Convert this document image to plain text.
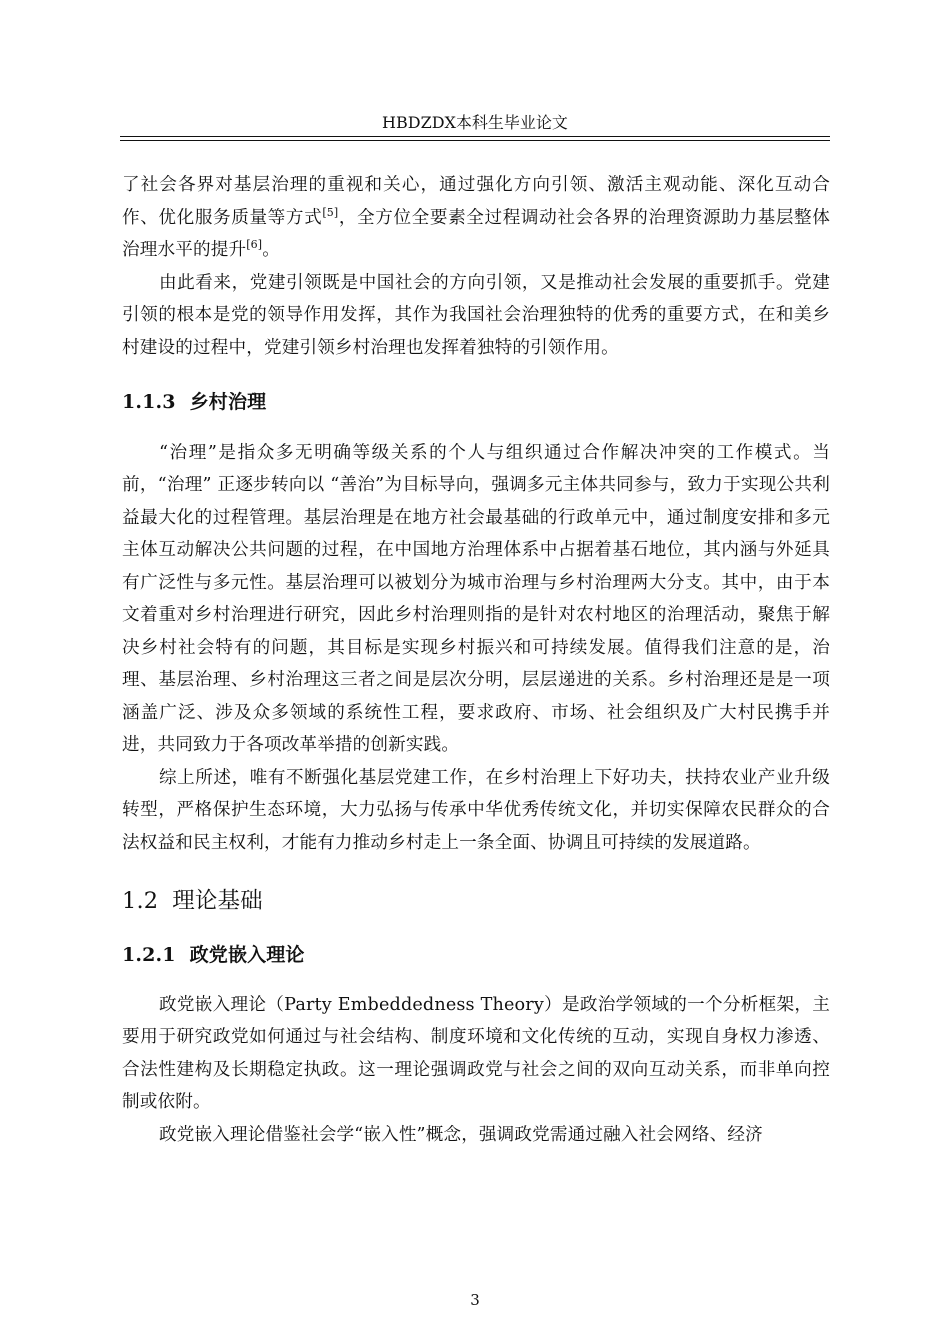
HBDZDX本科生毕业论文

了社会各界对基层治理的重视和关心，通过强化方向引领、激活主观动能、深化互动合作、优化服务质量等方式[5]，全方位全要素全过程调动社会各界的治理资源助力基层整体治理水平的提升[6]。

由此看来，党建引领既是中国社会的方向引领，又是推动社会发展的重要抓手。党建引领的根本是党的领导作用发挥，其作为我国社会治理独特的优秀的重要方式，在和美乡村建设的过程中，党建引领乡村治理也发挥着独特的引领作用。

1.1.3 乡村治理

“治理”是指众多无明确等级关系的个人与组织通过合作解决冲突的工作模式。当前，“治理” 正逐步转向以 “善治”为目标导向，强调多元主体共同参与，致力于实现公共利益最大化的过程管理。基层治理是在地方社会最基础的行政单元中，通过制度安排和多元主体互动解决公共问题的过程，在中国地方治理体系中占据着基石地位，其内涵与外延具有广泛性与多元性。基层治理可以被划分为城市治理与乡村治理两大分支。其中，由于本文着重对乡村治理进行研究，因此乡村治理则指的是针对农村地区的治理活动，聚焦于解决乡村社会特有的问题，其目标是实现乡村振兴和可持续发展。值得我们注意的是，治理、基层治理、乡村治理这三者之间是层次分明，层层递进的关系。乡村治理还是是一项涵盖广泛、涉及众多领域的系统性工程，要求政府、市场、社会组织及广大村民携手并进，共同致力于各项改革举措的创新实践。

综上所述，唯有不断强化基层党建工作，在乡村治理上下好功夫，扶持农业产业升级转型，严格保护生态环境，大力弘扬与传承中华优秀传统文化，并切实保障农民群众的合法权益和民主权利，才能有力推动乡村走上一条全面、协调且可持续的发展道路。

1.2 理论基础
1.2.1 政党嵌入理论

政党嵌入理论（Party Embeddedness Theory）是政治学领域的一个分析框架，主要用于研究政党如何通过与社会结构、制度环境和文化传统的互动，实现自身权力渗透、合法性建构及长期稳定执政。这一理论强调政党与社会之间的双向互动关系，而非单向控制或依附。

政党嵌入理论借鉴社会学“嵌入性”概念，强调政党需通过融入社会网络、经济

3
